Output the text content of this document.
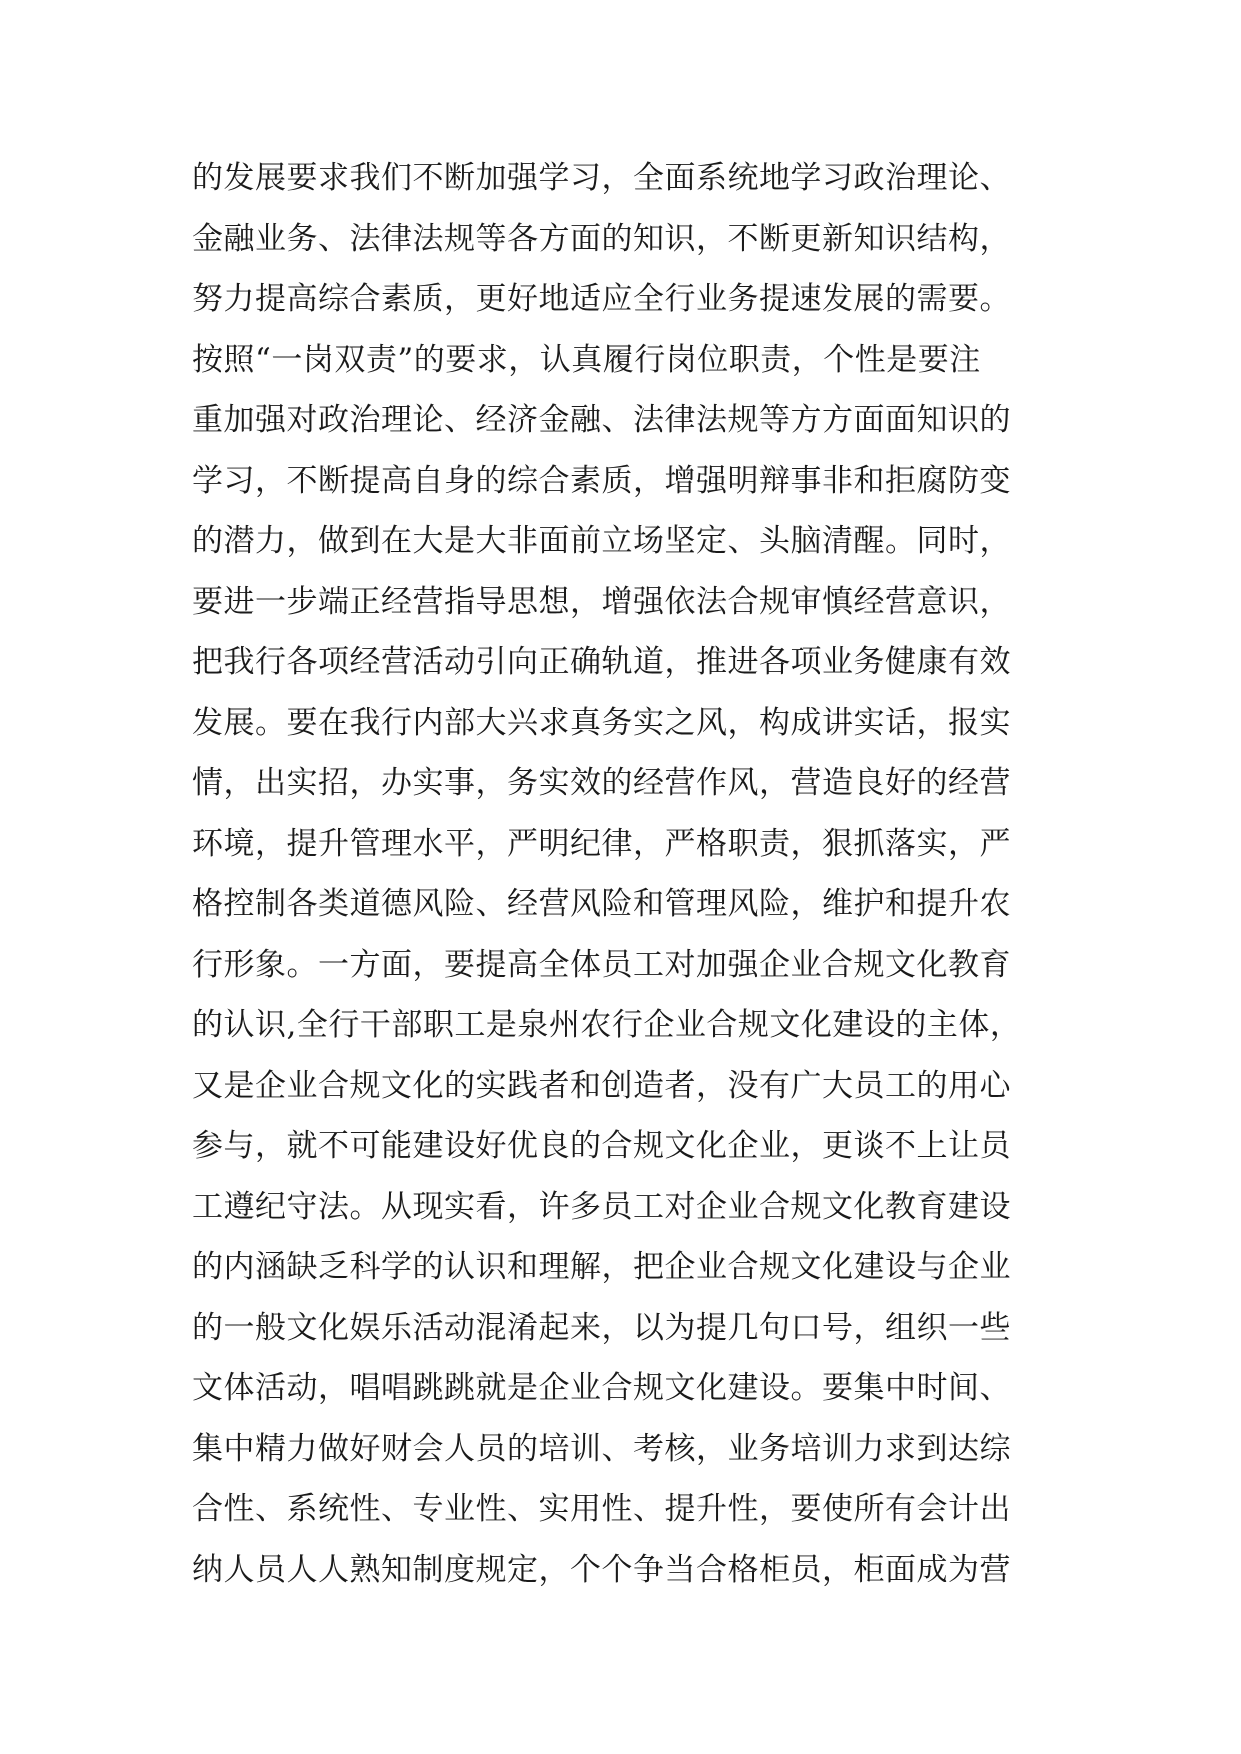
的发展要求我们不断加强学习，全面系统地学习政治理论、
金融业务、法律法规等各方面的知识，不断更新知识结构，
努力提高综合素质，更好地适应全行业务提速发展的需要。
按照“一岗双责”的要求，认真履行岗位职责，个性是要注
重加强对政治理论、经济金融、法律法规等方方面面知识的
学习，不断提高自身的综合素质，增强明辩事非和拒腐防变
的潜力，做到在大是大非面前立场坚定、头脑清醒。同时，
要进一步端正经营指导思想，增强依法合规审慎经营意识，
把我行各项经营活动引向正确轨道，推进各项业务健康有效
发展。要在我行内部大兴求真务实之风，构成讲实话，报实
情，出实招，办实事，务实效的经营作风，营造良好的经营
环境，提升管理水平，严明纪律，严格职责，狠抓落实，严
格控制各类道德风险、经营风险和管理风险，维护和提升农
行形象。一方面，要提高全体员工对加强企业合规文化教育
的认识,全行干部职工是泉州农行企业合规文化建设的主体，
又是企业合规文化的实践者和创造者，没有广大员工的用心
参与，就不可能建设好优良的合规文化企业，更谈不上让员
工遵纪守法。从现实看，许多员工对企业合规文化教育建设
的内涵缺乏科学的认识和理解，把企业合规文化建设与企业
的一般文化娱乐活动混淆起来，以为提几句口号，组织一些
文体活动，唱唱跳跳就是企业合规文化建设。要集中时间、
集中精力做好财会人员的培训、考核，业务培训力求到达综
合性、系统性、专业性、实用性、提升性，要使所有会计出
纳人员人人熟知制度规定，个个争当合格柜员，柜面成为营
